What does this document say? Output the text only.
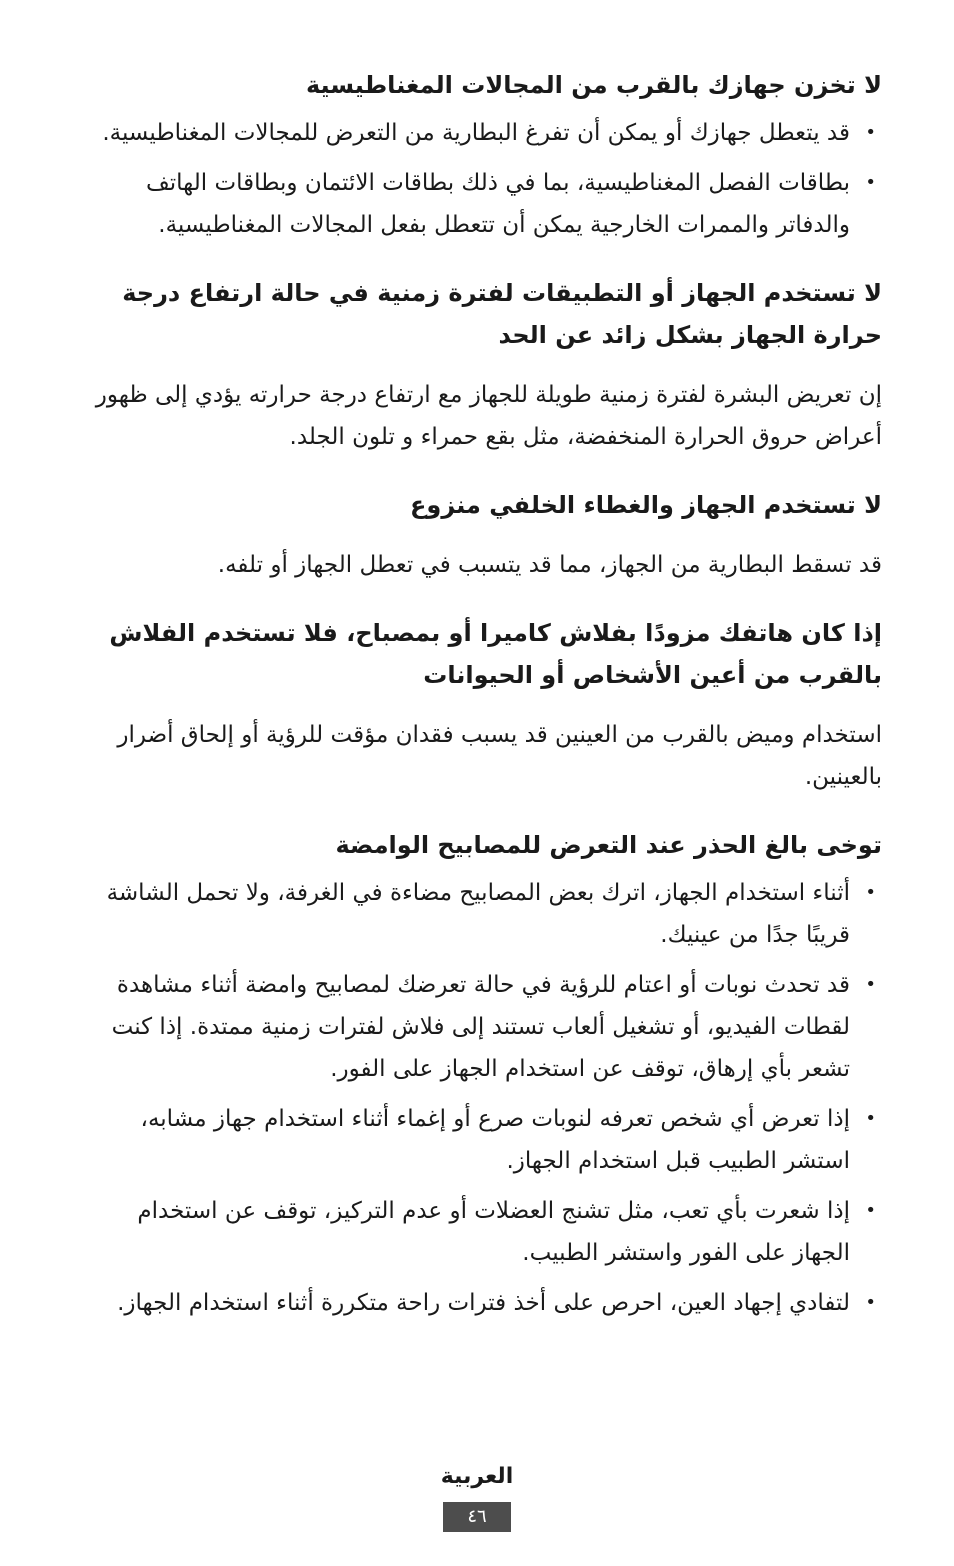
لا تخزن جهازك بالقرب من المجالات المغناطيسية
•
قد يتعطل جهازك أو يمكن أن تفرغ البطارية من التعرض للمجالات المغناطيسية.
•
بطاقات الفصل المغناطيسية، بما في ذلك بطاقات الائتمان وبطاقات الهاتف والدفاتر والممرات الخارجية يمكن أن تتعطل بفعل المجالات المغناطيسية.
لا تستخدم الجهاز أو التطبيقات لفترة زمنية في حالة ارتفاع درجة حرارة الجهاز بشكل زائد عن الحد

إن تعريض البشرة لفترة زمنية طويلة للجهاز مع ارتفاع درجة حرارته يؤدي إلى ظهور أعراض حروق الحرارة المنخفضة، مثل بقع حمراء و تلون الجلد.

لا تستخدم الجهاز والغطاء الخلفي منزوع

قد تسقط البطارية من الجهاز، مما قد يتسبب في تعطل الجهاز أو تلفه.

إذا كان هاتفك مزودًا بفلاش كاميرا أو بمصباح، فلا تستخدم الفلاش بالقرب من أعين الأشخاص أو الحيوانات

استخدام وميض بالقرب من العينين قد يسبب فقدان مؤقت للرؤية أو إلحاق أضرار بالعينين.

توخى بالغ الحذر عند التعرض للمصابيح الوامضة
•
أثناء استخدام الجهاز، اترك بعض المصابيح مضاءة في الغرفة، ولا تحمل الشاشة قريبًا جدًا من عينيك.
•
قد تحدث نوبات أو اعتام للرؤية في حالة تعرضك لمصابيح وامضة أثناء مشاهدة لقطات الفيديو، أو تشغيل ألعاب تستند إلى فلاش لفترات زمنية ممتدة. إذا كنت تشعر بأي إرهاق، توقف عن استخدام الجهاز على الفور.
•
إذا تعرض أي شخص تعرفه لنوبات صرع أو إغماء أثناء استخدام جهاز مشابه، استشر الطبيب قبل استخدام الجهاز.
•
إذا شعرت بأي تعب، مثل تشنج العضلات أو عدم التركيز، توقف عن استخدام الجهاز على الفور واستشر الطبيب.
•
لتفادي إجهاد العين، احرص على أخذ فترات راحة متكررة أثناء استخدام الجهاز.
العربية
٤٦
